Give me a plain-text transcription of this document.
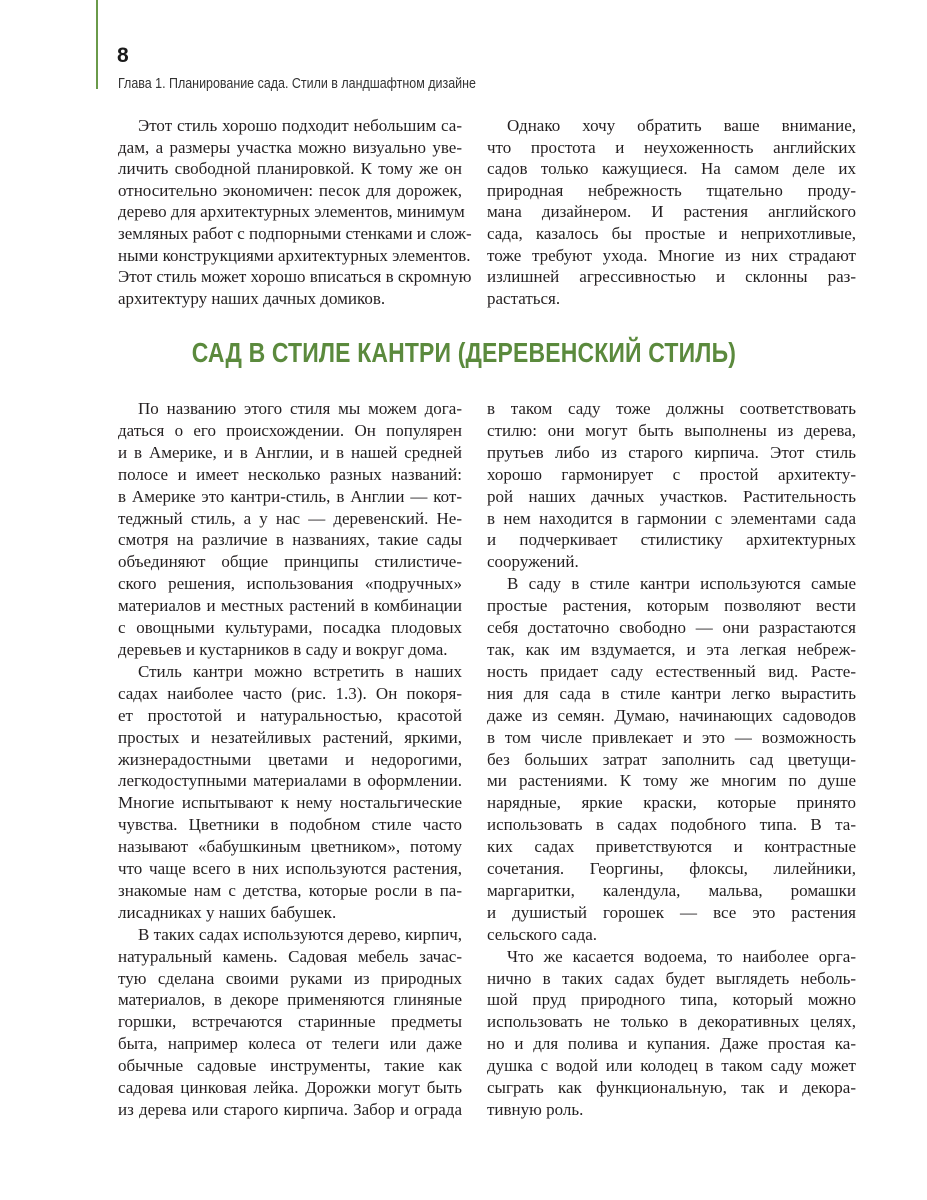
8
Глава 1. Планирование сада. Стили в ландшафтном дизайне
Этот стиль хорошо подходит небольшим са-
дам, а размеры участка можно визуально уве-
личить свободной планировкой. К тому же он
относительно экономичен: песок для дорожек,
дерево для архитектурных элементов, минимум
земляных работ с подпорными стенками и слож-
ными конструкциями архитектурных элементов.
Этот стиль может хорошо вписаться в скромную
архитектуру наших дачных домиков.
Однако хочу обратить ваше внимание,
что простота и неухоженность английских
садов только кажущиеся. На самом деле их
природная небрежность тщательно проду-
мана дизайнером. И растения английского
сада, казалось бы простые и неприхотливые,
тоже требуют ухода. Многие из них страдают
излишней агрессивностью и склонны раз-
растаться.
САД В СТИЛЕ КАНТРИ (ДЕРЕВЕНСКИЙ СТИЛЬ)
По названию этого стиля мы можем дога-
даться о его происхождении. Он популярен
и в Америке, и в Англии, и в нашей средней
полосе и имеет несколько разных названий:
в Америке это кантри-стиль, в Англии — кот-
теджный стиль, а у нас — деревенский. Не-
смотря на различие в названиях, такие сады
объединяют общие принципы стилистиче-
ского решения, использования «подручных»
материалов и местных растений в комбинации
с овощными культурами, посадка плодовых
деревьев и кустарников в саду и вокруг дома.
Стиль кантри можно встретить в наших
садах наиболее часто (рис. 1.3). Он покоря-
ет простотой и натуральностью, красотой
простых и незатейливых растений, яркими,
жизнерадостными цветами и недорогими,
легкодоступными материалами в оформлении.
Многие испытывают к нему ностальгические
чувства. Цветники в подобном стиле часто
называют «бабушкиным цветником», потому
что чаще всего в них используются растения,
знакомые нам с детства, которые росли в па-
лисадниках у наших бабушек.
В таких садах используются дерево, кирпич,
натуральный камень. Садовая мебель зачас-
тую сделана своими руками из природных
материалов, в декоре применяются глиняные
горшки, встречаются старинные предметы
быта, например колеса от телеги или даже
обычные садовые инструменты, такие как
садовая цинковая лейка. Дорожки могут быть
из дерева или старого кирпича. Забор и ограда
в таком саду тоже должны соответствовать
стилю: они могут быть выполнены из дерева,
прутьев либо из старого кирпича. Этот стиль
хорошо гармонирует с простой архитекту-
рой наших дачных участков. Растительность
в нем находится в гармонии с элементами сада
и подчеркивает стилистику архитектурных
сооружений.
В саду в стиле кантри используются самые
простые растения, которым позволяют вести
себя достаточно свободно — они разрастаются
так, как им вздумается, и эта легкая небреж-
ность придает саду естественный вид. Расте-
ния для сада в стиле кантри легко вырастить
даже из семян. Думаю, начинающих садоводов
в том числе привлекает и это — возможность
без больших затрат заполнить сад цветущи-
ми растениями. К тому же многим по душе
нарядные, яркие краски, которые принято
использовать в садах подобного типа. В та-
ких садах приветствуются и контрастные
сочетания. Георгины, флоксы, лилейники,
маргаритки, календула, мальва, ромашки
и душистый горошек — все это растения
сельского сада.
Что же касается водоема, то наиболее орга-
нично в таких садах будет выглядеть неболь-
шой пруд природного типа, который можно
использовать не только в декоративных целях,
но и для полива и купания. Даже простая ка-
душка с водой или колодец в таком саду может
сыграть как функциональную, так и декора-
тивную роль.
